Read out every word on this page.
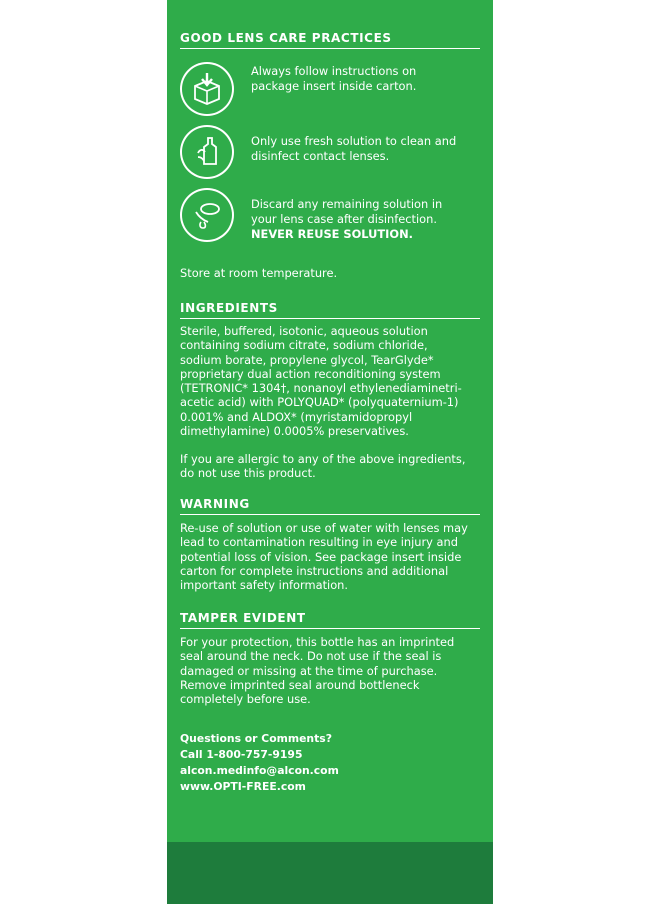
GOOD LENS CARE PRACTICES
Always follow instructions on
package insert inside carton.
Only use fresh solution to clean and
disinfect contact lenses.
Discard any remaining solution in
your lens case after disinfection.
NEVER REUSE SOLUTION.
Store at room temperature.
INGREDIENTS
Sterile, buffered, isotonic, aqueous solution
containing sodium citrate, sodium chloride,
sodium borate, propylene glycol, TearGlyde*
proprietary dual action reconditioning system
(TETRONIC* 1304†, nonanoyl ethylenediaminetri-
acetic acid) with POLYQUAD* (polyquaternium-1)
0.001% and ALDOX* (myristamidopropyl
dimethylamine) 0.0005% preservatives.
If you are allergic to any of the above ingredients,
do not use this product.
WARNING
Re-use of solution or use of water with lenses may
lead to contamination resulting in eye injury and
potential loss of vision. See package insert inside
carton for complete instructions and additional
important safety information.
TAMPER EVIDENT
For your protection, this bottle has an imprinted
seal around the neck. Do not use if the seal is
damaged or missing at the time of purchase.
Remove imprinted seal around bottleneck
completely before use.
Questions or Comments?
Call 1-800-757-9195
alcon.medinfo@alcon.com
www.OPTI-FREE.com
